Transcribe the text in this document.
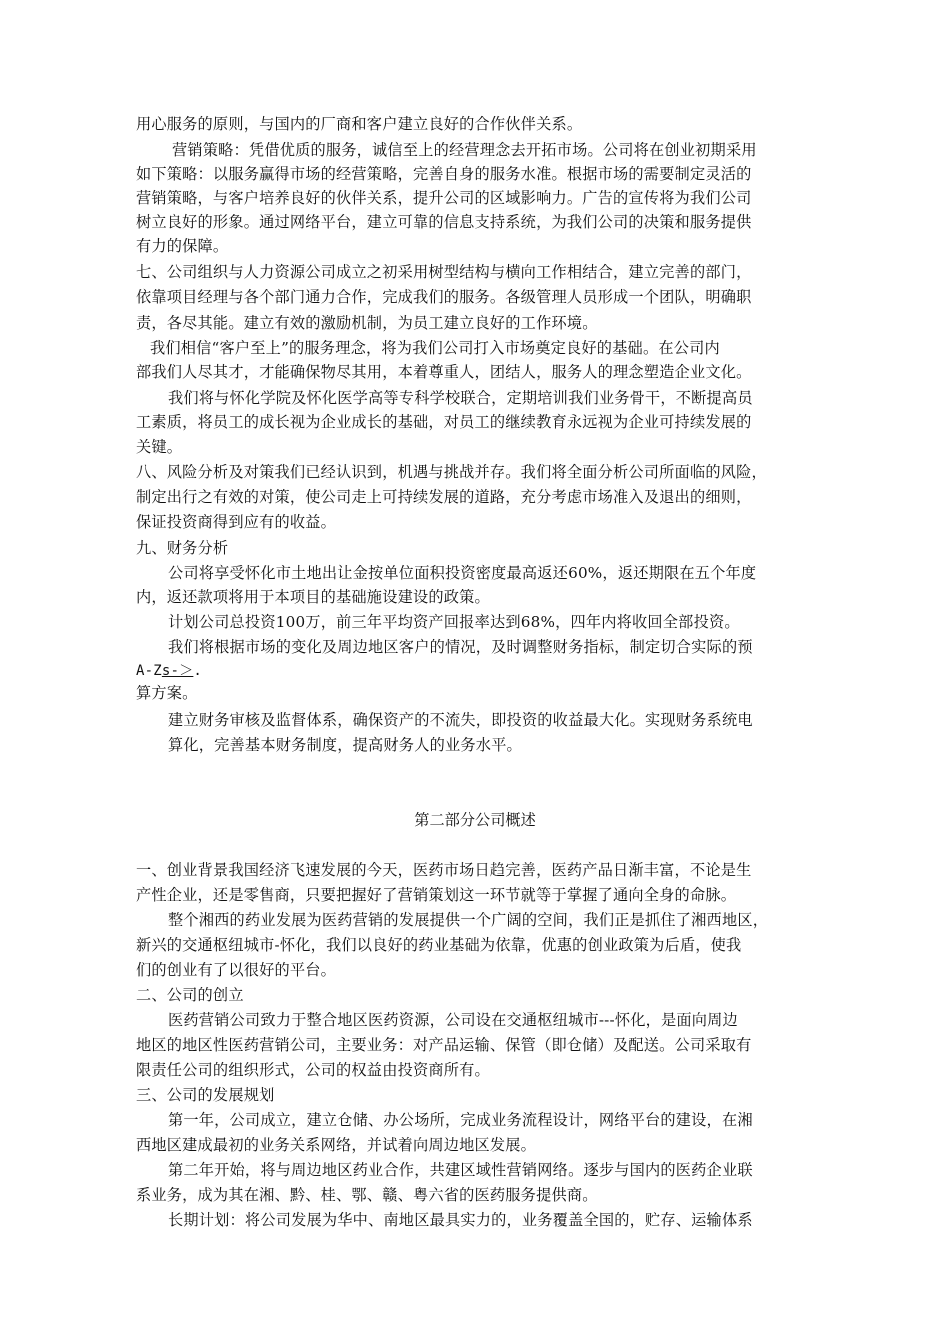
用心服务的原则，与国内的厂商和客户建立良好的合作伙伴关系。
营销策略：凭借优质的服务，诚信至上的经营理念去开拓市场。公司将在创业初期采用
如下策略：以服务赢得市场的经营策略，完善自身的服务水准。根据市场的需要制定灵活的
营销策略，与客户培养良好的伙伴关系，提升公司的区域影响力。广告的宣传将为我们公司
树立良好的形象。通过网络平台，建立可靠的信息支持系统，为我们公司的决策和服务提供
有力的保障。
七、公司组织与人力资源公司成立之初采用树型结构与横向工作相结合，建立完善的部门，
依靠项目经理与各个部门通力合作，完成我们的服务。各级管理人员形成一个团队，明确职
责，各尽其能。建立有效的激励机制，为员工建立良好的工作环境。
我们相信“客户至上”的服务理念，将为我们公司打入市场奠定良好的基础。在公司内
部我们人尽其才，才能确保物尽其用，本着尊重人，团结人，服务人的理念塑造企业文化。
我们将与怀化学院及怀化医学高等专科学校联合，定期培训我们业务骨干，不断提高员
工素质，将员工的成长视为企业成长的基础，对员工的继续教育永远视为企业可持续发展的
关键。
八、风险分析及对策我们已经认识到，机遇与挑战并存。我们将全面分析公司所面临的风险，
制定出行之有效的对策，使公司走上可持续发展的道路，充分考虑市场准入及退出的细则，
保证投资商得到应有的收益。
九、财务分析
公司将享受怀化市土地出让金按单位面积投资密度最高返还60%，返还期限在五个年度
内，返还款项将用于本项目的基础施设建设的政策。
计划公司总投资100万，前三年平均资产回报率达到68%，四年内将收回全部投资。
我们将根据市场的变化及周边地区客户的情况，及时调整财务指标，制定切合实际的预
A-Zs-＞.
算方案。
建立财务审核及监督体系，确保资产的不流失，即投资的收益最大化。实现财务系统电
算化，完善基本财务制度，提高财务人的业务水平。
第二部分公司概述
一、创业背景我国经济飞速发展的今天，医药市场日趋完善，医药产品日渐丰富，不论是生
产性企业，还是零售商，只要把握好了营销策划这一环节就等于掌握了通向全身的命脉。
整个湘西的药业发展为医药营销的发展提供一个广阔的空间，我们正是抓住了湘西地区，
新兴的交通枢纽城市-怀化，我们以良好的药业基础为依靠，优惠的创业政策为后盾，使我
们的创业有了以很好的平台。
二、公司的创立
医药营销公司致力于整合地区医药资源，公司设在交通枢纽城市---怀化，是面向周边
地区的地区性医药营销公司，主要业务：对产品运输、保管（即仓储）及配送。公司采取有
限责任公司的组织形式，公司的权益由投资商所有。
三、公司的发展规划
第一年，公司成立，建立仓储、办公场所，完成业务流程设计，网络平台的建设，在湘
西地区建成最初的业务关系网络，并试着向周边地区发展。
第二年开始，将与周边地区药业合作，共建区域性营销网络。逐步与国内的医药企业联
系业务，成为其在湘、黔、桂、鄂、赣、粤六省的医药服务提供商。
长期计划：将公司发展为华中、南地区最具实力的，业务覆盖全国的，贮存、运输体系
